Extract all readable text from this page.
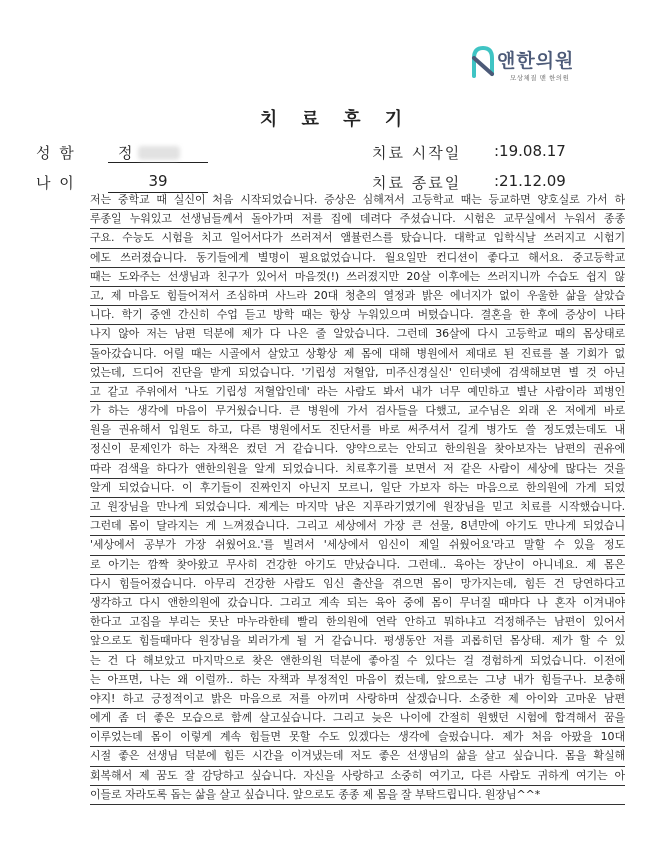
앤한의원
모상체질 맨 한의원
치 료 후 기
성 함	정
나 이	39
치료 시작일 :19.08.17
치료 종료일 :21.12.09
저는 중학교 때 실신이 처음 시작되었습니다. 증상은 심해져서 고등학교 때는 등교하면 양호실로 가서 하
루종일 누워있고 선생님들께서 돌아가며 저를 집에 데려다 주셨습니다. 시험은 교무실에서 누워서 종종
구요. 수능도 시험을 치고 일어서다가 쓰러져서 앰뷸런스를 탔습니다. 대학교 입학식날 쓰러지고 시험기
에도 쓰러졌습니다. 동기들에게 별명이 필요없었습니다. 월요일만 컨디션이 좋다고 해서요. 중고등학교
때는 도와주는 선생님과 친구가 있어서 마음껏(!) 쓰러졌지만 20살 이후에는 쓰러지니까 수습도 쉽지 않
고, 제 마음도 힘들어져서 조심하며 사느라 20대 청춘의 열정과 밝은 에너지가 없이 우울한 삶을 살았습
니다. 학기 중엔 간신히 수업 듣고 방학 때는 항상 누워있으며 버텼습니다. 결혼을 한 후에 증상이 나타
나지 않아 저는 남편 덕분에 제가 다 나은 줄 알았습니다. 그런데 36살에 다시 고등학교 때의 몸상태로
돌아갔습니다. 어릴 때는 시골에서 살았고 상황상 제 몸에 대해 병원에서 제대로 된 진료를 볼 기회가 없
었는데, 드디어 진단을 받게 되었습니다. '기립성 저혈압, 미주신경실신' 인터넷에 검색해보면 별 것 아닌
고 같고 주위에서 '나도 기립성 저혈압인데' 라는 사람도 봐서 내가 너무 예민하고 별난 사람이라 꾀병인
가 하는 생각에 마음이 무거웠습니다. 큰 병원에 가서 검사들을 다했고, 교수님은 외래 온 저에게 바로
원을 권유해서 입원도 하고, 다른 병원에서도 진단서를 바로 써주셔서 길게 병가도 쓸 정도였는데도 내
정신이 문제인가 하는 자책은 컸던 거 같습니다. 양약으로는 안되고 한의원을 찾아보자는 남편의 권유에
따라 검색을 하다가 앤한의원을 알게 되었습니다. 치료후기를 보면서 저 같은 사람이 세상에 많다는 것을
알게 되었습니다. 이 후기들이 진짜인지 아닌지 모르니, 일단 가보자 하는 마음으로 한의원에 가게 되었
고 원장님을 만나게 되었습니다. 제게는 마지막 남은 지푸라기였기에 원장님을 믿고 치료를 시작했습니다.
그런데 몸이 달라지는 게 느껴졌습니다. 그리고 세상에서 가장 큰 선물, 8년만에 아기도 만나게 되었습니
'세상에서 공부가 가장 쉬웠어요.'를 빌려서 '세상에서 임신이 제일 쉬웠어요'라고 말할 수 있을 정도
로 아기는 깜짝 찾아왔고 무사히 건강한 아기도 만났습니다. 그런데.. 육아는 장난이 아니네요. 제 몸은
다시 힘들어졌습니다. 아무리 건강한 사람도 임신 출산을 겪으면 몸이 망가지는데, 힘든 건 당연하다고
생각하고 다시 앤한의원에 갔습니다. 그리고 계속 되는 육아 중에 몸이 무너질 때마다 나 혼자 이겨내야
한다고 고집을 부리는 못난 마누라한테 빨리 한의원에 연락 안하고 뭐하냐고 걱정해주는 남편이 있어서
앞으로도 힘들때마다 원장님을 뵈러가게 될 거 같습니다. 평생동안 저를 괴롭히던 몸상태. 제가 할 수 있
는 건 다 해보았고 마지막으로 찾은 앤한의원 덕분에 좋아질 수 있다는 걸 경험하게 되었습니다. 이전에
는 아프면, 나는 왜 이럴까.. 하는 자책과 부정적인 마음이 컸는데, 앞으로는 그냥 내가 힘들구나. 보충해
야지! 하고 긍정적이고 밝은 마음으로 저를 아끼며 사랑하며 살겠습니다. 소중한 제 아이와 고마운 남편
에게 좀 더 좋은 모습으로 함께 살고싶습니다. 그리고 늦은 나이에 간절히 원했던 시험에 합격해서 꿈을
이루었는데 몸이 이렇게 계속 힘들면 못할 수도 있겠다는 생각에 슬펐습니다. 제가 처음 아팠을 10대
시절 좋은 선생님 덕분에 힘든 시간을 이겨냈는데 저도 좋은 선생님의 삶을 살고 싶습니다. 몸을 확실해
회복해서 제 꿈도 잘 감당하고 싶습니다. 자신을 사랑하고 소중히 여기고, 다른 사람도 귀하게 여기는 아
이들로 자라도록 돕는 삶을 살고 싶습니다. 앞으로도 종종 제 몸을 잘 부탁드립니다. 원장님^^*
